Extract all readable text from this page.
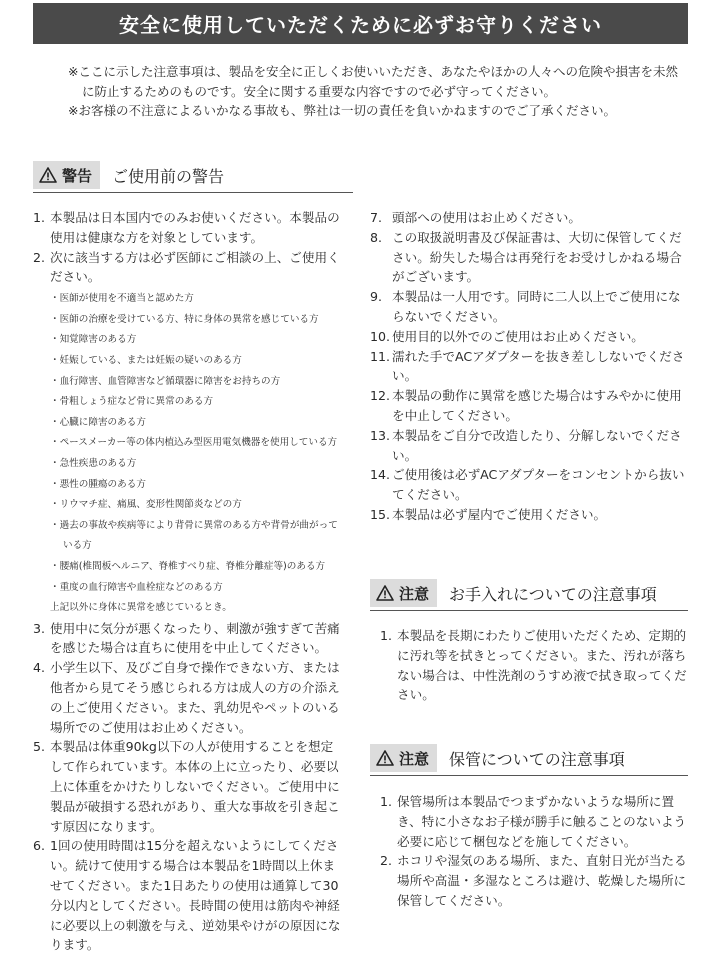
安全に使用していただくために必ずお守りください

※ここに示した注意事項は、製品を安全に正しくお使いいただき、あなたやほかの人々への危険や損害を未然に防止するためのものです。安全に関する重要な内容ですので必ず守ってください。

※お客様の不注意によるいかなる事故も、弊社は一切の責任を負いかねますのでご了承ください。

警告 ご使用前の警告
1. 本製品は日本国内でのみお使いください。本製品の使用は健康な方を対象としています。
2. 次に該当する方は必ず医師にご相談の上、ご使用ください。
・医師が使用を不適当と認めた方
・医師の治療を受けている方、特に身体の異常を感じている方
・知覚障害のある方
・妊娠している、または妊娠の疑いのある方
・血行障害、血管障害など循環器に障害をお持ちの方
・骨粗しょう症など骨に異常のある方
・心臓に障害のある方
・ペースメーカー等の体内植込み型医用電気機器を使用している方
・急性疾患のある方
・悪性の腫瘍のある方
・リウマチ症、痛風、変形性関節炎などの方
・過去の事故や疾病等により背骨に異常のある方や背骨が曲がっている方
・腰痛(椎間板ヘルニア、脊椎すべり症、脊椎分離症等)のある方
・重度の血行障害や血栓症などのある方
上記以外に身体に異常を感じているとき。
3. 使用中に気分が悪くなったり、刺激が強すぎて苦痛を感じた場合は直ちに使用を中止してください。
4. 小学生以下、及びご自身で操作できない方、または他者から見てそう感じられる方は成人の方の介添えの上ご使用ください。また、乳幼児やペットのいる場所でのご使用はお止めください。
5. 本製品は体重90kg以下の人が使用することを想定して作られています。本体の上に立ったり、必要以上に体重をかけたりしないでください。ご使用中に製品が破損する恐れがあり、重大な事故を引き起こす原因になります。
6. 1回の使用時間は15分を超えないようにしてください。続けて使用する場合は本製品を1時間以上休ませてください。また1日あたりの使用は通算して30分以内としてください。長時間の使用は筋肉や神経に必要以上の刺激を与え、逆効果やけがの原因になります。
7. 頭部への使用はお止めください。
8. この取扱説明書及び保証書は、大切に保管してください。紛失した場合は再発行をお受けしかねる場合がございます。
9. 本製品は一人用です。同時に二人以上でご使用にならないでください。
10. 使用目的以外でのご使用はお止めください。
11. 濡れた手でACアダプターを抜き差ししないでください。
12. 本製品の動作に異常を感じた場合はすみやかに使用を中止してください。
13. 本製品をご自分で改造したり、分解しないでください。
14. ご使用後は必ずACアダプターをコンセントから抜いてください。
15. 本製品は必ず屋内でご使用ください。
注意 お手入れについての注意事項
1. 本製品を長期にわたりご使用いただくため、定期的に汚れ等を拭きとってください。また、汚れが落ちない場合は、中性洗剤のうすめ液で拭き取ってください。
注意 保管についての注意事項
1. 保管場所は本製品でつまずかないような場所に置き、特に小さなお子様が勝手に触ることのないよう必要に応じて梱包などを施してください。
2. ホコリや湿気のある場所、また、直射日光が当たる場所や高温・多湿なところは避け、乾燥した場所に保管してください。
